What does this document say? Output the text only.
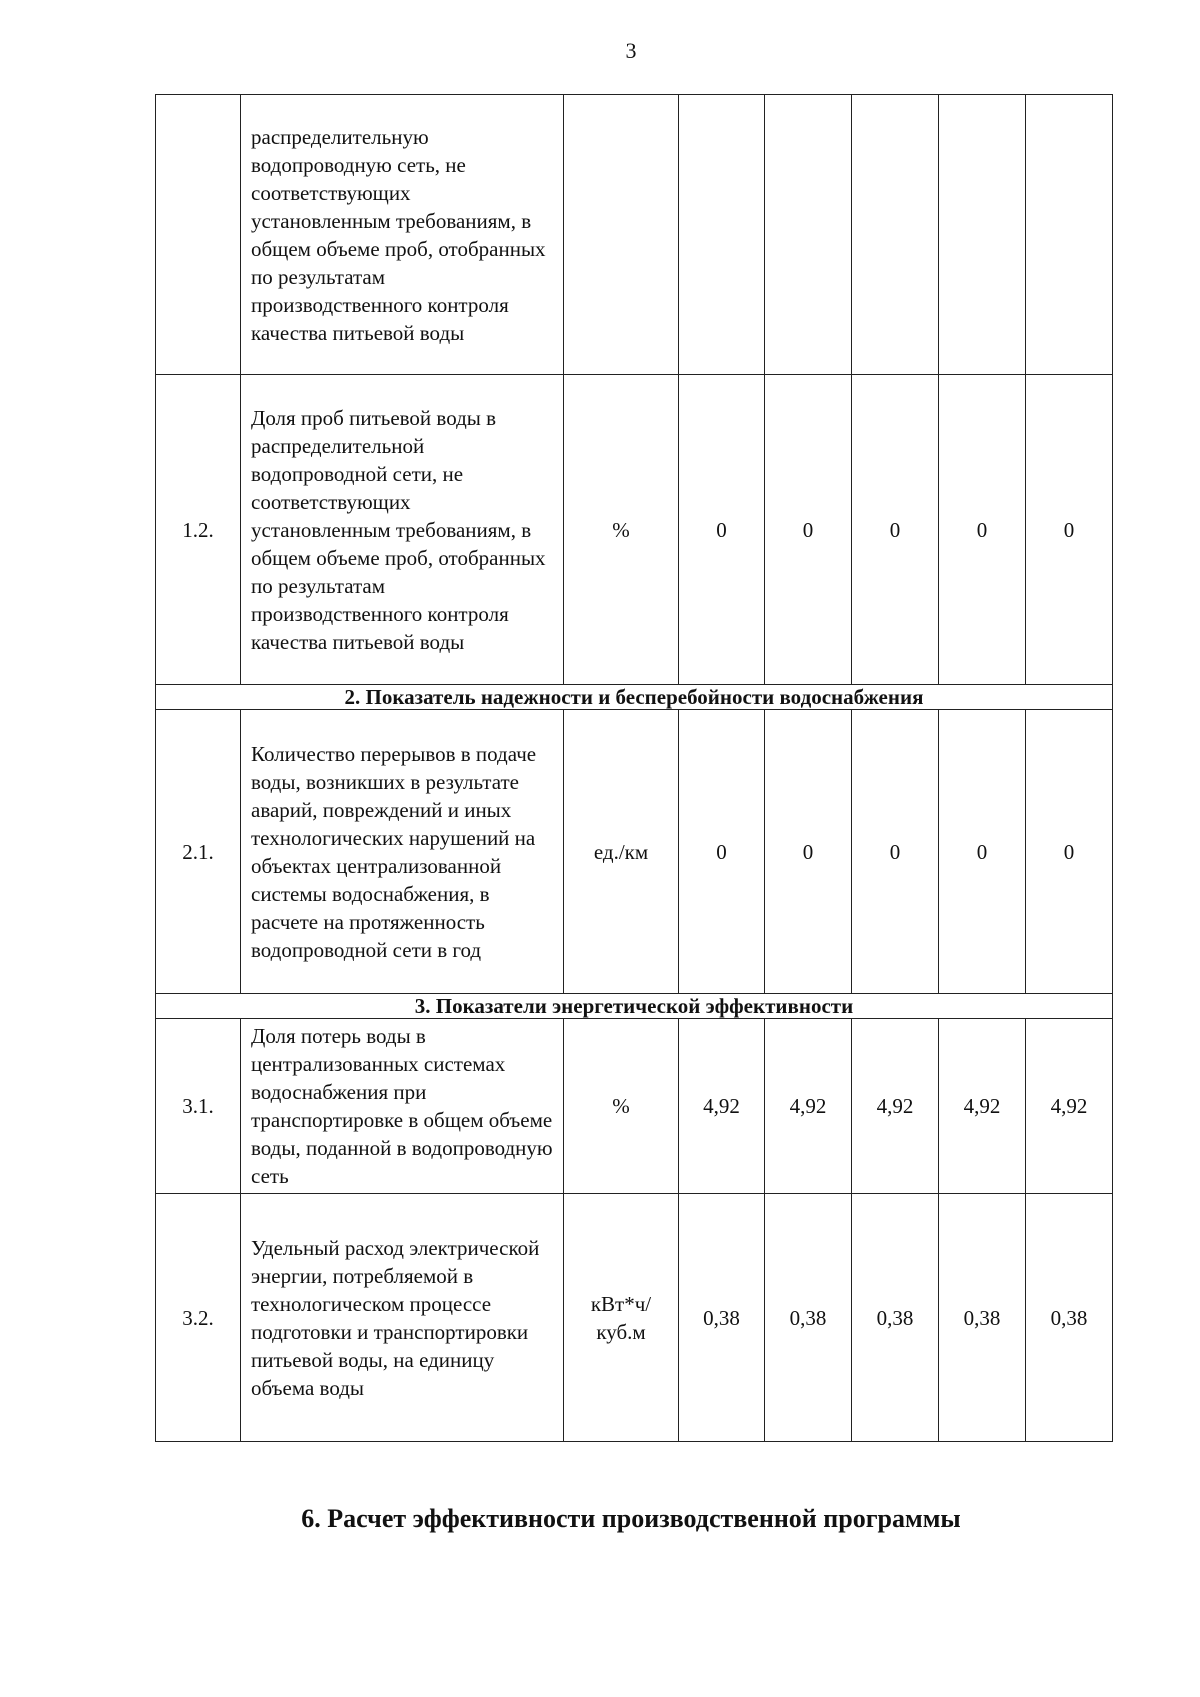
3
	распределительную водопроводную сеть, не соответствующих установленным требованиям, в общем объеме проб, отобранных по результатам производственного контроля качества питьевой воды						
1.2.	Доля проб питьевой воды в распределительной водопроводной сети, не соответствующих установленным требованиям, в общем объеме проб, отобранных по результатам производственного контроля качества питьевой воды	%	0	0	0	0	0
2. Показатель надежности и бесперебойности водоснабжения							
2.1.	Количество перерывов в подаче воды, возникших в результате аварий, повреждений и иных технологических нарушений на объектах централизованной системы водоснабжения, в расчете на протяженность водопроводной сети в год	ед./км	0	0	0	0	0
3. Показатели энергетической эффективности							
3.1.	Доля потерь воды в централизованных системах водоснабжения при транспортировке в общем объеме воды, поданной в водопроводную сеть	%	4,92	4,92	4,92	4,92	4,92
3.2.	Удельный расход электрической энергии, потребляемой в технологическом процессе подготовки и транспортировки питьевой воды, на единицу объема воды	кВт*ч/ куб.м	0,38	0,38	0,38	0,38	0,38
6. Расчет эффективности производственной программы
